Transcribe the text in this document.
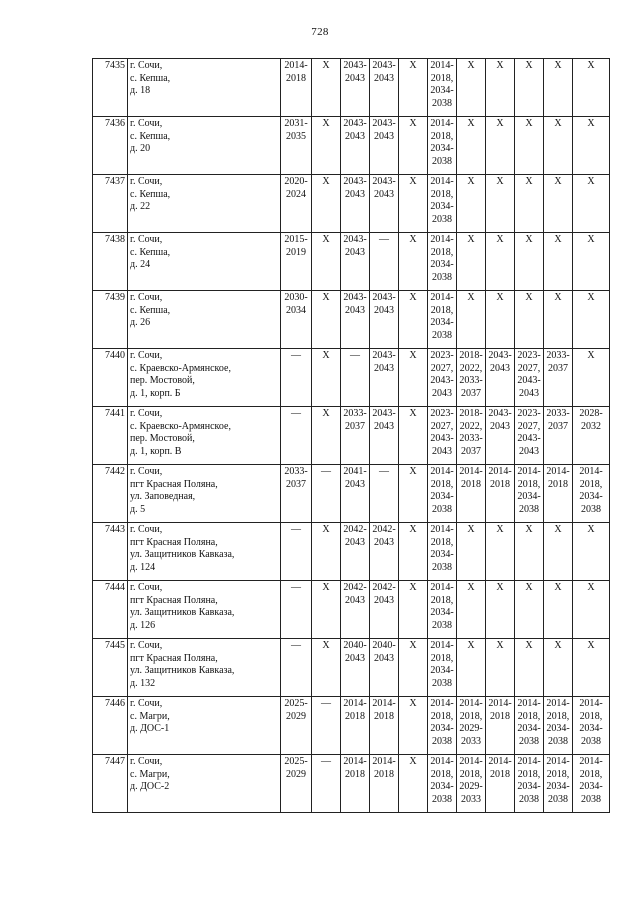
728
7435	г. Сочи,
с. Кепша,
д. 18	2014-
2018	X	2043-
2043	2043-
2043	X	2014-
2018,
2034-
2038	X	X	X	X	X

7436	г. Сочи,
с. Кепша,
д. 20	2031-
2035	X	2043-
2043	2043-
2043	X	2014-
2018,
2034-
2038	X	X	X	X	X

7437	г. Сочи,
с. Кепша,
д. 22	2020-
2024	X	2043-
2043	2043-
2043	X	2014-
2018,
2034-
2038	X	X	X	X	X

7438	г. Сочи,
с. Кепша,
д. 24	2015-
2019	X	2043-
2043	—	X	2014-
2018,
2034-
2038	X	X	X	X	X

7439	г. Сочи,
с. Кепша,
д. 26	2030-
2034	X	2043-
2043	2043-
2043	X	2014-
2018,
2034-
2038	X	X	X	X	X

7440	г. Сочи,
с. Краевско-Армянское,
пер. Мостовой,
д. 1, корп. Б	—	X	—	2043-
2043	X	2023-
2027,
2043-
2043	2018-
2022,
2033-
2037	2043-
2043	2023-
2027,
2043-
2043	2033-
2037	X

7441	г. Сочи,
с. Краевско-Армянское,
пер. Мостовой,
д. 1, корп. В	—	X	2033-
2037	2043-
2043	X	2023-
2027,
2043-
2043	2018-
2022,
2033-
2037	2043-
2043	2023-
2027,
2043-
2043	2033-
2037	2028-
2032

7442	г. Сочи,
пгт Красная Поляна,
ул. Заповедная,
д. 5	2033-
2037	—	2041-
2043	—	X	2014-
2018,
2034-
2038	2014-
2018	2014-
2018	2014-
2018,
2034-
2038	2014-
2018	2014-
2018,
2034-
2038

7443	г. Сочи,
пгт Красная Поляна,
ул. Защитников Кавказа,
д. 124	—	X	2042-
2043	2042-
2043	X	2014-
2018,
2034-
2038	X	X	X	X	X

7444	г. Сочи,
пгт Красная Поляна,
ул. Защитников Кавказа,
д. 126	—	X	2042-
2043	2042-
2043	X	2014-
2018,
2034-
2038	X	X	X	X	X

7445	г. Сочи,
пгт Красная Поляна,
ул. Защитников Кавказа,
д. 132	—	X	2040-
2043	2040-
2043	X	2014-
2018,
2034-
2038	X	X	X	X	X

7446	г. Сочи,
с. Магри,
д. ДОС-1	2025-
2029	—	2014-
2018	2014-
2018	X	2014-
2018,
2034-
2038	2014-
2018,
2029-
2033	2014-
2018	2014-
2018,
2034-
2038	2014-
2018,
2034-
2038	2014-
2018,
2034-
2038

7447	г. Сочи,
с. Магри,
д. ДОС-2	2025-
2029	—	2014-
2018	2014-
2018	X	2014-
2018,
2034-
2038	2014-
2018,
2029-
2033	2014-
2018	2014-
2018,
2034-
2038	2014-
2018,
2034-
2038	2014-
2018,
2034-
2038
